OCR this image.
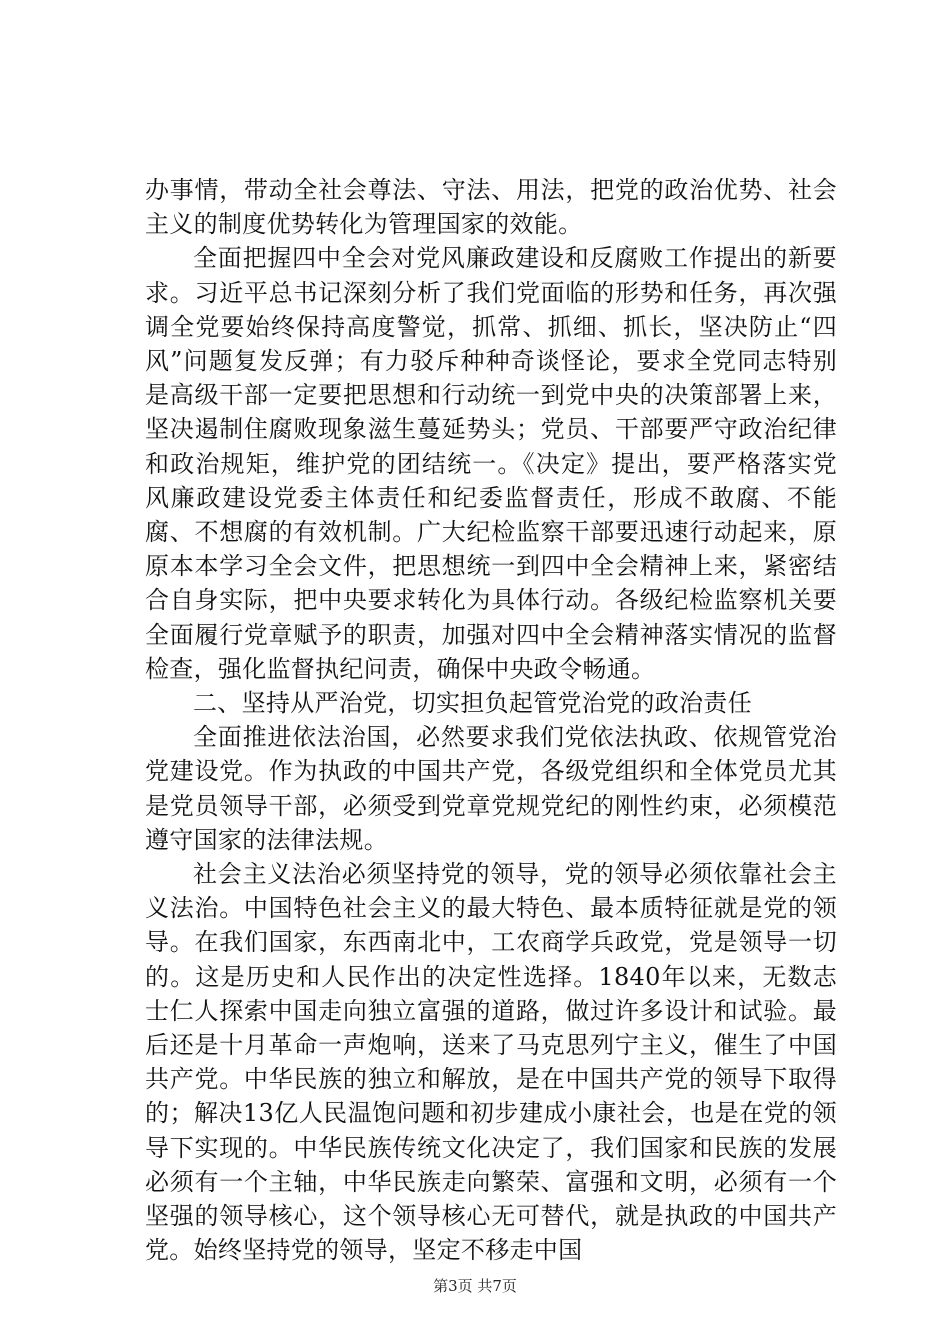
办事情，带动全社会尊法、守法、用法，把党的政治优势、社会主义的制度优势转化为管理国家的效能。

全面把握四中全会对党风廉政建设和反腐败工作提出的新要求。习近平总书记深刻分析了我们党面临的形势和任务，再次强调全党要始终保持高度警觉，抓常、抓细、抓长，坚决防止“四风”问题复发反弹；有力驳斥种种奇谈怪论，要求全党同志特别是高级干部一定要把思想和行动统一到党中央的决策部署上来，坚决遏制住腐败现象滋生蔓延势头；党员、干部要严守政治纪律和政治规矩，维护党的团结统一。《决定》提出，要严格落实党风廉政建设党委主体责任和纪委监督责任，形成不敢腐、不能腐、不想腐的有效机制。广大纪检监察干部要迅速行动起来，原原本本学习全会文件，把思想统一到四中全会精神上来，紧密结合自身实际，把中央要求转化为具体行动。各级纪检监察机关要全面履行党章赋予的职责，加强对四中全会精神落实情况的监督检查，强化监督执纪问责，确保中央政令畅通。

二、坚持从严治党，切实担负起管党治党的政治责任

全面推进依法治国，必然要求我们党依法执政、依规管党治党建设党。作为执政的中国共产党，各级党组织和全体党员尤其是党员领导干部，必须受到党章党规党纪的刚性约束，必须模范遵守国家的法律法规。

社会主义法治必须坚持党的领导，党的领导必须依靠社会主义法治。中国特色社会主义的最大特色、最本质特征就是党的领导。在我们国家，东西南北中，工农商学兵政党，党是领导一切的。这是历史和人民作出的决定性选择。1840年以来，无数志士仁人探索中国走向独立富强的道路，做过许多设计和试验。最后还是十月革命一声炮响，送来了马克思列宁主义，催生了中国共产党。中华民族的独立和解放，是在中国共产党的领导下取得的；解决13亿人民温饱问题和初步建成小康社会，也是在党的领导下实现的。中华民族传统文化决定了，我们国家和民族的发展必须有一个主轴，中华民族走向繁荣、富强和文明，必须有一个坚强的领导核心，这个领导核心无可替代，就是执政的中国共产党。始终坚持党的领导，坚定不移走中国

第3页 共7页
